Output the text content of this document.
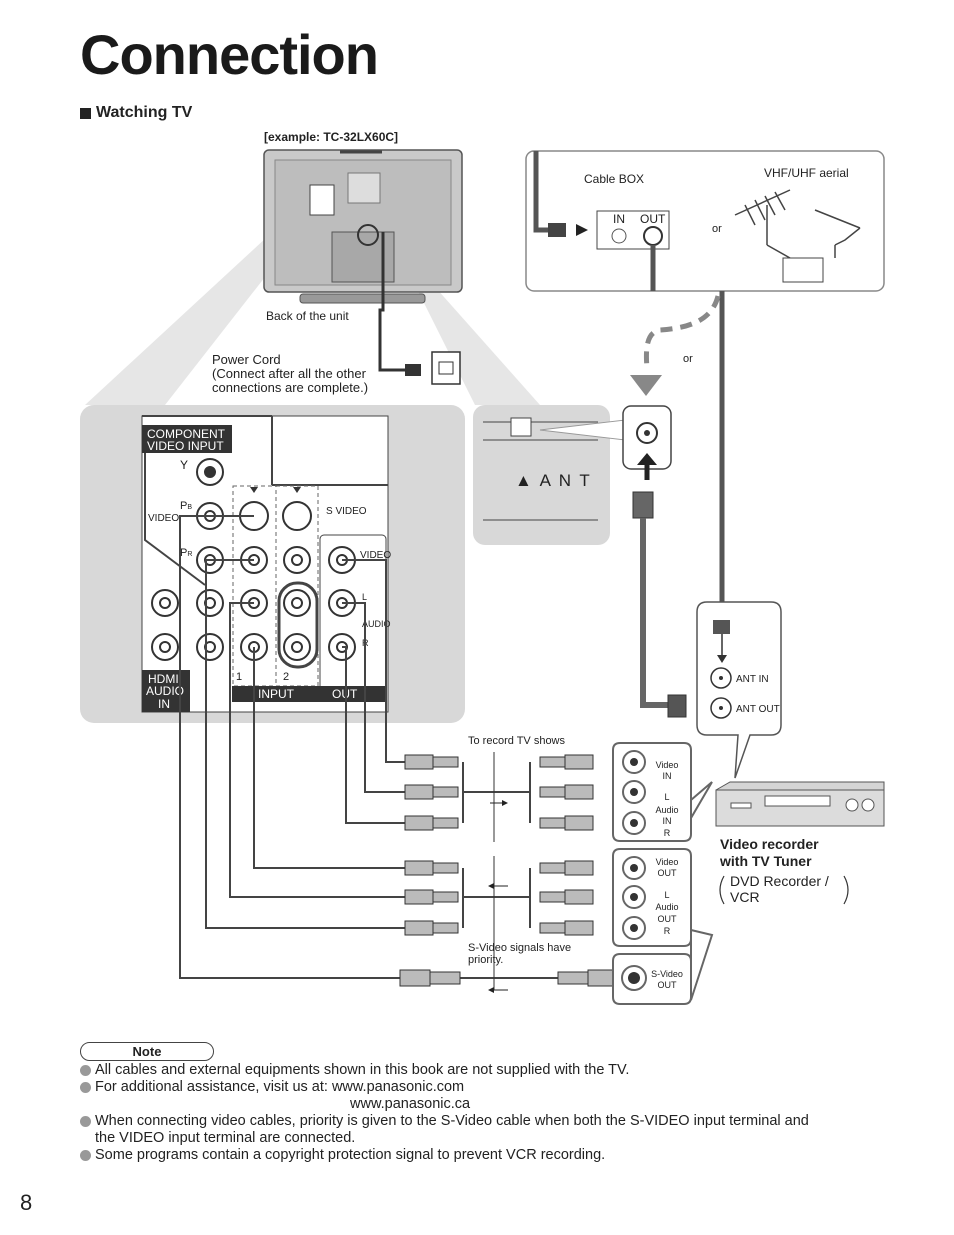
Connection
Watching TV
[example: TC-32LX60C]
Back of the unit
Power Cord
(Connect after all the other
connections are complete.)
Cable BOX
IN OUT
or
VHF/UHF aerial
or
▲ A N T
ANT IN
ANT OUT
Video recorder
with TV Tuner
DVD Recorder /
VCR
COMPONENT
VIDEO INPUT
Y
PB
PR
VIDEO
S VIDEO
VIDEO
L
AUDIO
R
1	2
HDMI
AUDIO
IN
INPUT	OUT
To record TV shows
S-Video signals have
priority.
Video
IN
L
Audio
IN
R
Video
OUT
L
Audio
OUT
R
S-Video
OUT
Note
All cables and external equipments shown in this book are not supplied with the TV.
For additional assistance, visit us at: www.panasonic.com
www.panasonic.ca
When connecting video cables, priority is given to the S-Video cable when both the S-VIDEO input terminal and
the VIDEO input terminal are connected.
Some programs contain a copyright protection signal to prevent VCR recording.
8
